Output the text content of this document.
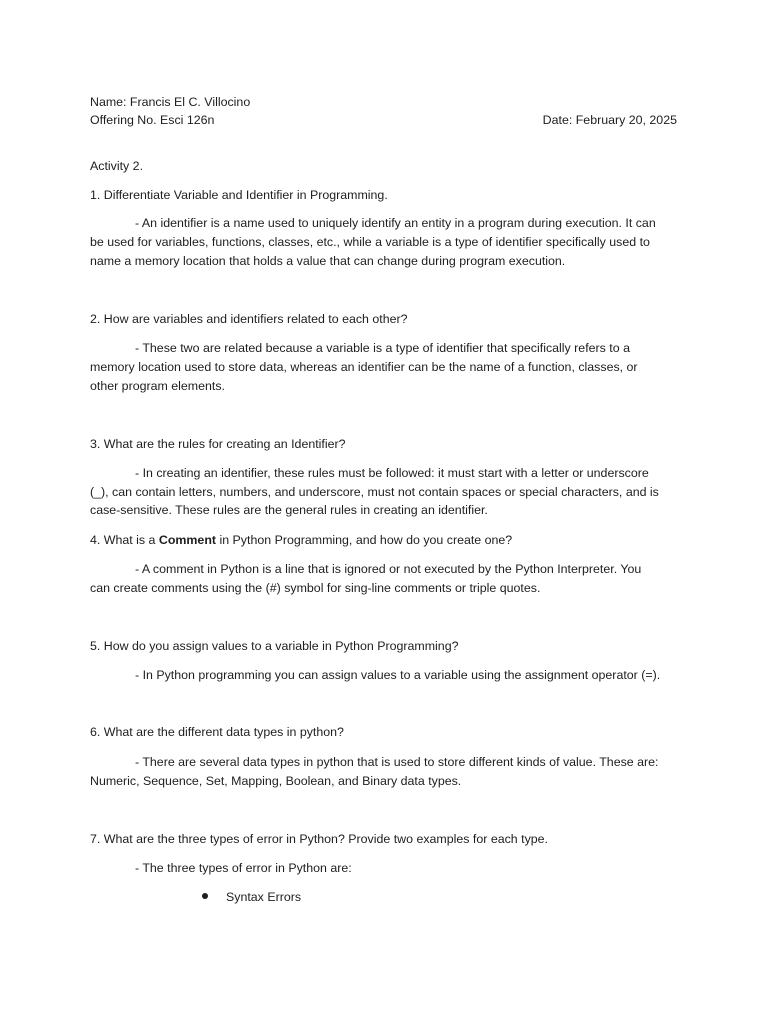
Name: Francis El C. Villocino
Offering No. Esci 126n	Date: February 20, 2025
Activity 2.
1. Differentiate Variable and Identifier in Programming.
- An identifier is a name used to uniquely identify an entity in a program during execution. It can
be used for variables, functions, classes, etc., while a variable is a type of identifier specifically used to
name a memory location that holds a value that can change during program execution.
2. How are variables and identifiers related to each other?
- These two are related because a variable is a type of identifier that specifically refers to a
memory location used to store data, whereas an identifier can be the name of a function, classes, or
other program elements.
3. What are the rules for creating an Identifier?
- In creating an identifier, these rules must be followed: it must start with a letter or underscore
(_), can contain letters, numbers, and underscore, must not contain spaces or special characters, and is
case-sensitive. These rules are the general rules in creating an identifier.
4. What is a Comment in Python Programming, and how do you create one?
- A comment in Python is a line that is ignored or not executed by the Python Interpreter. You
can create comments using the (#) symbol for sing-line comments or triple quotes.
5. How do you assign values to a variable in Python Programming?
- In Python programming you can assign values to a variable using the assignment operator (=).
6. What are the different data types in python?
- There are several data types in python that is used to store different kinds of value. These are:
Numeric, Sequence, Set, Mapping, Boolean, and Binary data types.
7. What are the three types of error in Python? Provide two examples for each type.
- The three types of error in Python are:
Syntax Errors
